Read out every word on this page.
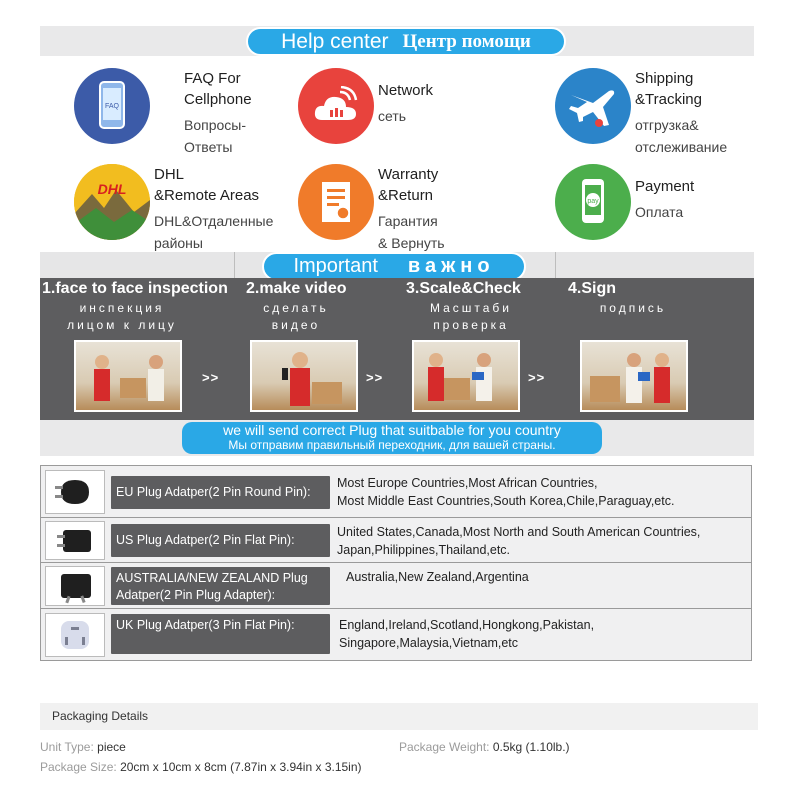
Help center Центр помощи
FAQ
FAQ For
Cellphone
Вопросы-
Ответы
Network
сеть
Shipping
&Tracking
отгрузка&
отслеживание
DHL
DHL
&Remote Areas
DHL&Отдаленные
районы
Warranty
&Return
Гарантия
& Вернуть
pay
Payment
Оплата
Important важно
1.face to face inspection
инспекция
лицом к лицу
>>
2.make video
сделать
видео
>>
3.Scale&Check
Масштаби
проверка
>>
4.Sign
подпись
we will send correct Plug that suitbable for you country
Мы отправим правильный переходник, для вашей страны.
EU Plug Adatper(2 Pin Round Pin):
Most Europe Countries,Most African Countries,
Most Middle East Countries,South Korea,Chile,Paraguay,etc.
US Plug Adatper(2 Pin Flat Pin):
United States,Canada,Most North and South American Countries,
Japan,Philippines,Thailand,etc.
AUSTRALIA/NEW ZEALAND Plug
Adatper(2 Pin Plug Adapter):
Australia,New Zealand,Argentina
UK Plug Adatper(3 Pin Flat Pin):	England,Ireland,Scotland,Hongkong,Pakistan,
Singapore,Malaysia,Vietnam,etc
Packaging Details
Unit Type: piece	Package Weight: 0.5kg (1.10lb.)
Package Size: 20cm x 10cm x 8cm (7.87in x 3.94in x 3.15in)
